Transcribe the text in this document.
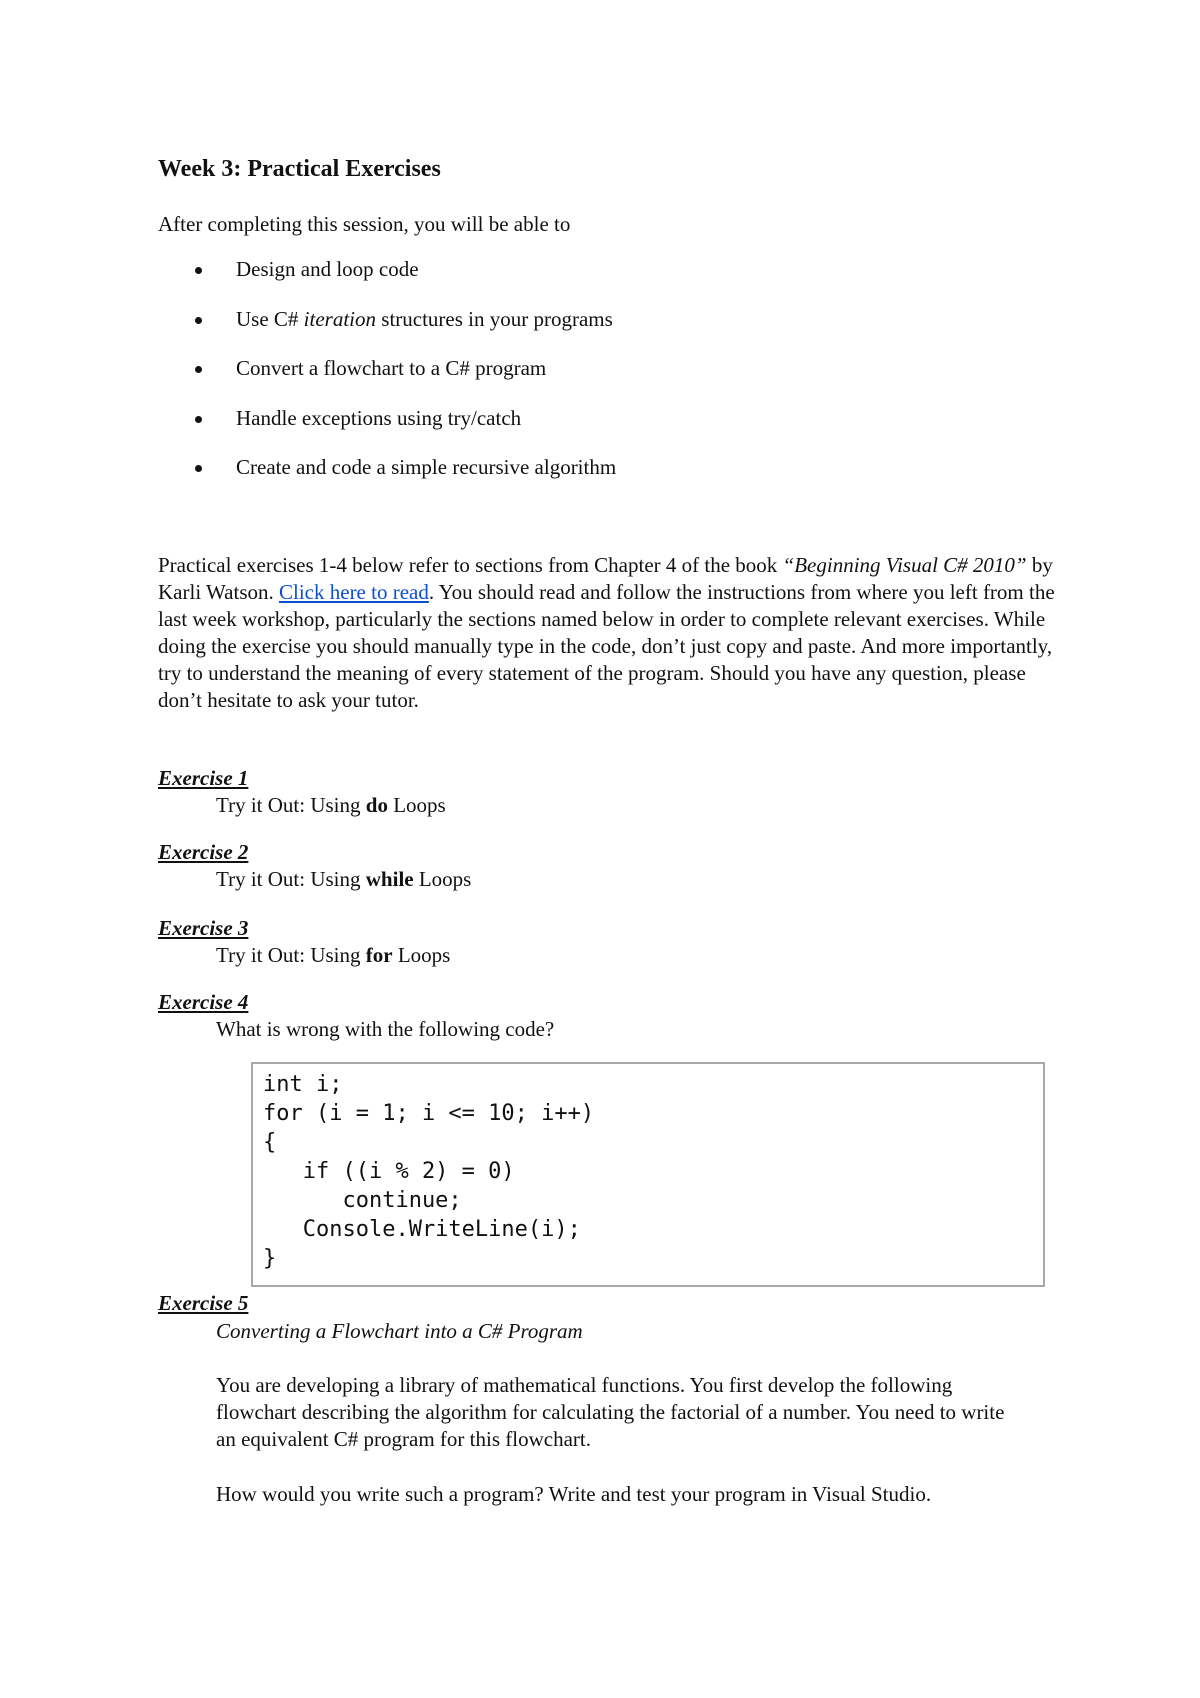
Week 3: Practical Exercises
After completing this session, you will be able to
Design and loop code
Use C# iteration structures in your programs
Convert a flowchart to a C# program
Handle exceptions using try/catch
Create and code a simple recursive algorithm
Practical exercises 1-4 below refer to sections from Chapter 4 of the book “Beginning Visual C# 2010” by Karli Watson. Click here to read. You should read and follow the instructions from where you left from the last week workshop, particularly the sections named below in order to complete relevant exercises. While doing the exercise you should manually type in the code, don’t just copy and paste. And more importantly, try to understand the meaning of every statement of the program. Should you have any question, please don’t hesitate to ask your tutor.
Exercise 1
Try it Out: Using do Loops
Exercise 2
Try it Out: Using while Loops
Exercise 3
Try it Out: Using for Loops
Exercise 4
What is wrong with the following code?
int i;
for (i = 1; i <= 10; i++)
{
if ((i % 2) = 0)
continue;
Console.WriteLine(i);
}
Exercise 5
Converting a Flowchart into a C# Program
You are developing a library of mathematical functions. You first develop the following flowchart describing the algorithm for calculating the factorial of a number. You need to write an equivalent C# program for this flowchart.
How would you write such a program? Write and test your program in Visual Studio.
